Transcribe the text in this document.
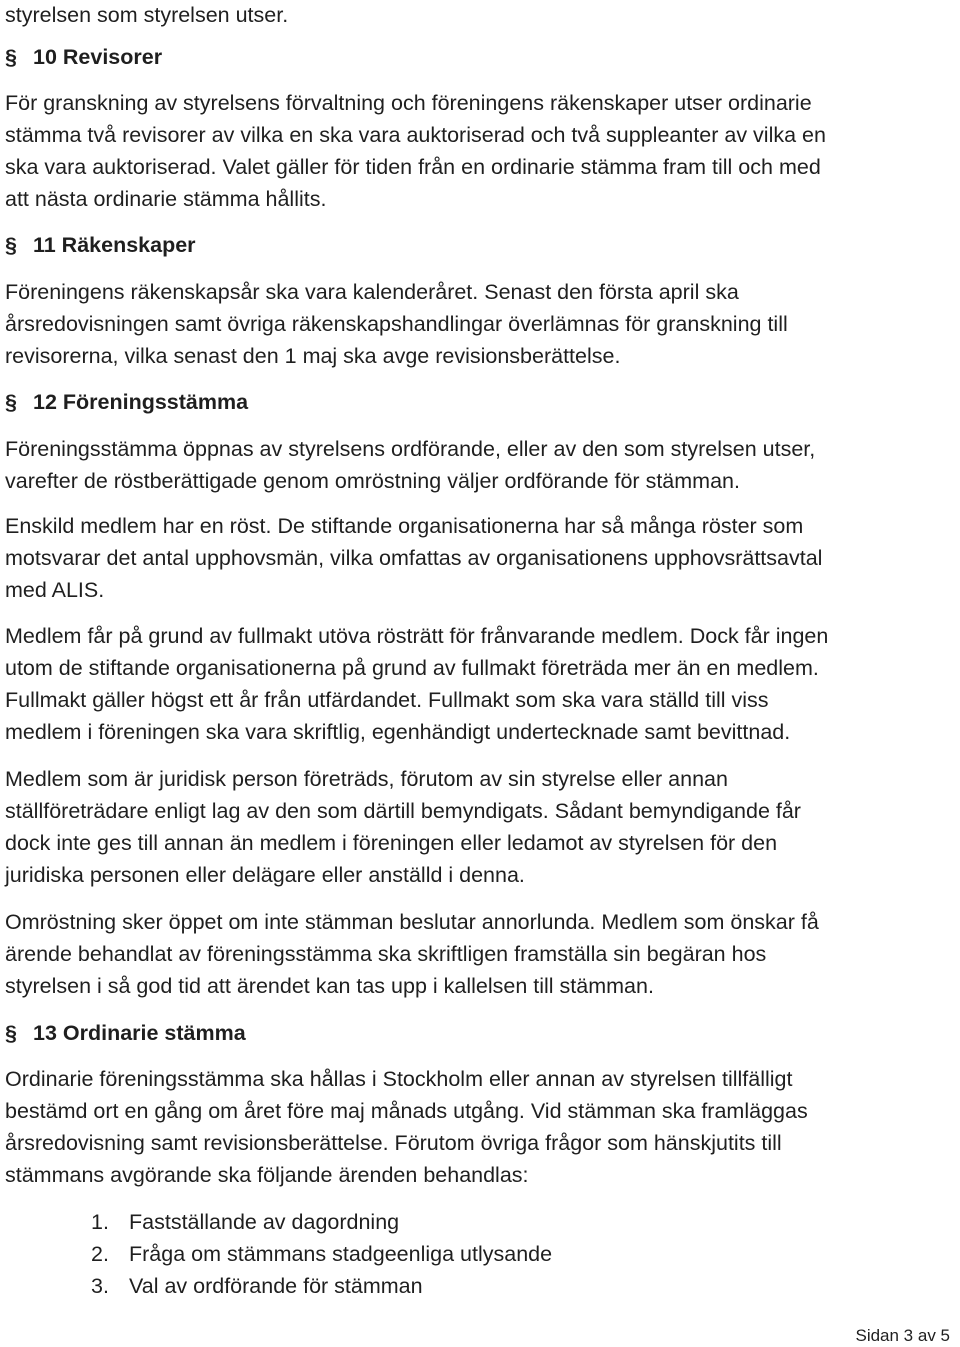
styrelsen som styrelsen utser.
§ 10 Revisorer
För granskning av styrelsens förvaltning och föreningens räkenskaper utser ordinarie
stämma två revisorer av vilka en ska vara auktoriserad och två suppleanter av vilka en
ska vara auktoriserad. Valet gäller för tiden från en ordinarie stämma fram till och med
att nästa ordinarie stämma hållits.
§ 11 Räkenskaper
Föreningens räkenskapsår ska vara kalenderåret. Senast den första april ska
årsredovisningen samt övriga räkenskapshandlingar överlämnas för granskning till
revisorerna, vilka senast den 1 maj ska avge revisionsberättelse.
§ 12 Föreningsstämma
Föreningsstämma öppnas av styrelsens ordförande, eller av den som styrelsen utser,
varefter de röstberättigade genom omröstning väljer ordförande för stämman.
Enskild medlem har en röst. De stiftande organisationerna har så många röster som
motsvarar det antal upphovsmän, vilka omfattas av organisationens upphovsrättsavtal
med ALIS.
Medlem får på grund av fullmakt utöva rösträtt för frånvarande medlem. Dock får ingen
utom de stiftande organisationerna på grund av fullmakt företräda mer än en medlem.
Fullmakt gäller högst ett år från utfärdandet. Fullmakt som ska vara ställd till viss
medlem i föreningen ska vara skriftlig, egenhändigt undertecknade samt bevittnad.
Medlem som är juridisk person företräds, förutom av sin styrelse eller annan
ställföreträdare enligt lag av den som därtill bemyndigats. Sådant bemyndigande får
dock inte ges till annan än medlem i föreningen eller ledamot av styrelsen för den
juridiska personen eller delägare eller anställd i denna.
Omröstning sker öppet om inte stämman beslutar annorlunda. Medlem som önskar få
ärende behandlat av föreningsstämma ska skriftligen framställa sin begäran hos
styrelsen i så god tid att ärendet kan tas upp i kallelsen till stämman.
§ 13 Ordinarie stämma
Ordinarie föreningsstämma ska hållas i Stockholm eller annan av styrelsen tillfälligt
bestämd ort en gång om året före maj månads utgång. Vid stämman ska framläggas
årsredovisning samt revisionsberättelse. Förutom övriga frågor som hänskjutits till
stämmans avgörande ska följande ärenden behandlas:
1. Fastställande av dagordning
2. Fråga om stämmans stadgeenliga utlysande
3. Val av ordförande för stämman
Sidan 3 av 5
